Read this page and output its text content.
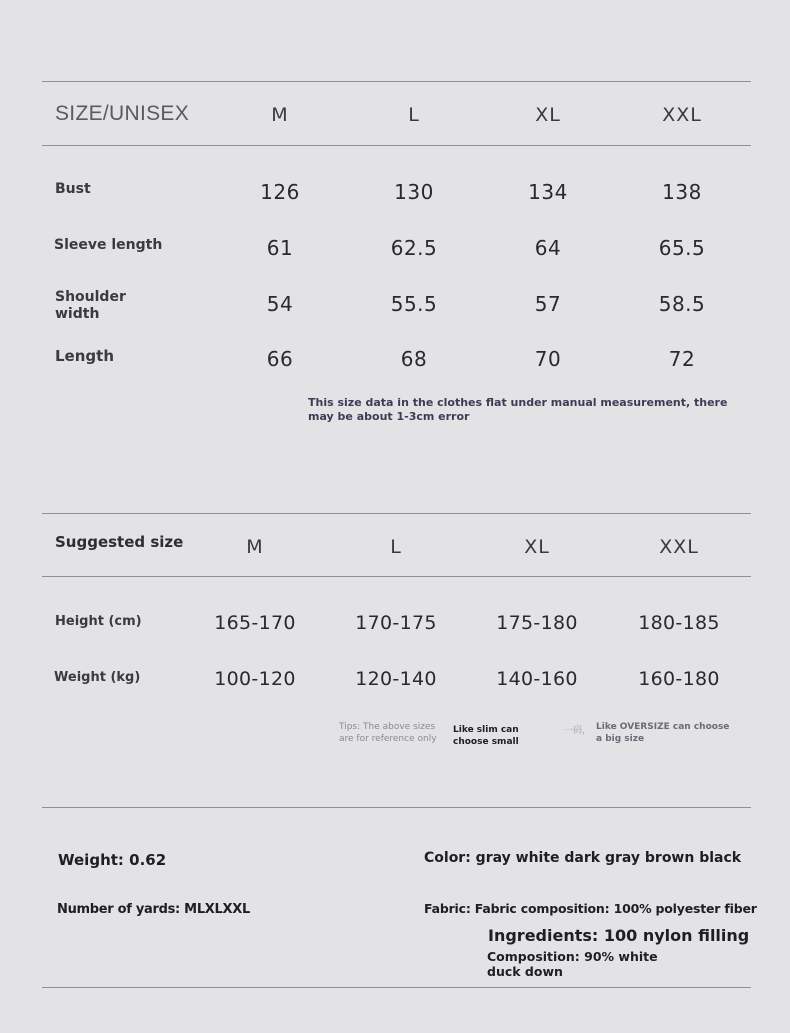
SIZE/UNISEX	M	L	XL	XXL
Bust	126	130	134	138
Sleeve length	61	62.5	64	65.5
Shoulder
width	54	55.5	57	58.5
Length	66	68	70	72
This size data in the clothes flat under manual measurement, there may be about 1-3cm error
Suggested size	M	L	XL	XXL
Height (cm)	165-170	170-175	175-180	180-185
Weight (kg)	100-120	120-140	140-160	160-180
Tips: The above sizes are for reference only
Like slim can choose small
一码， Like OVERSIZE can choose a big size
Weight: 0.62	Color: gray white dark gray brown black
Number of yards: MLXLXXL	Fabric: Fabric composition: 100% polyester fiber
Ingredients: 100 nylon filling
Composition: 90% white duck down
